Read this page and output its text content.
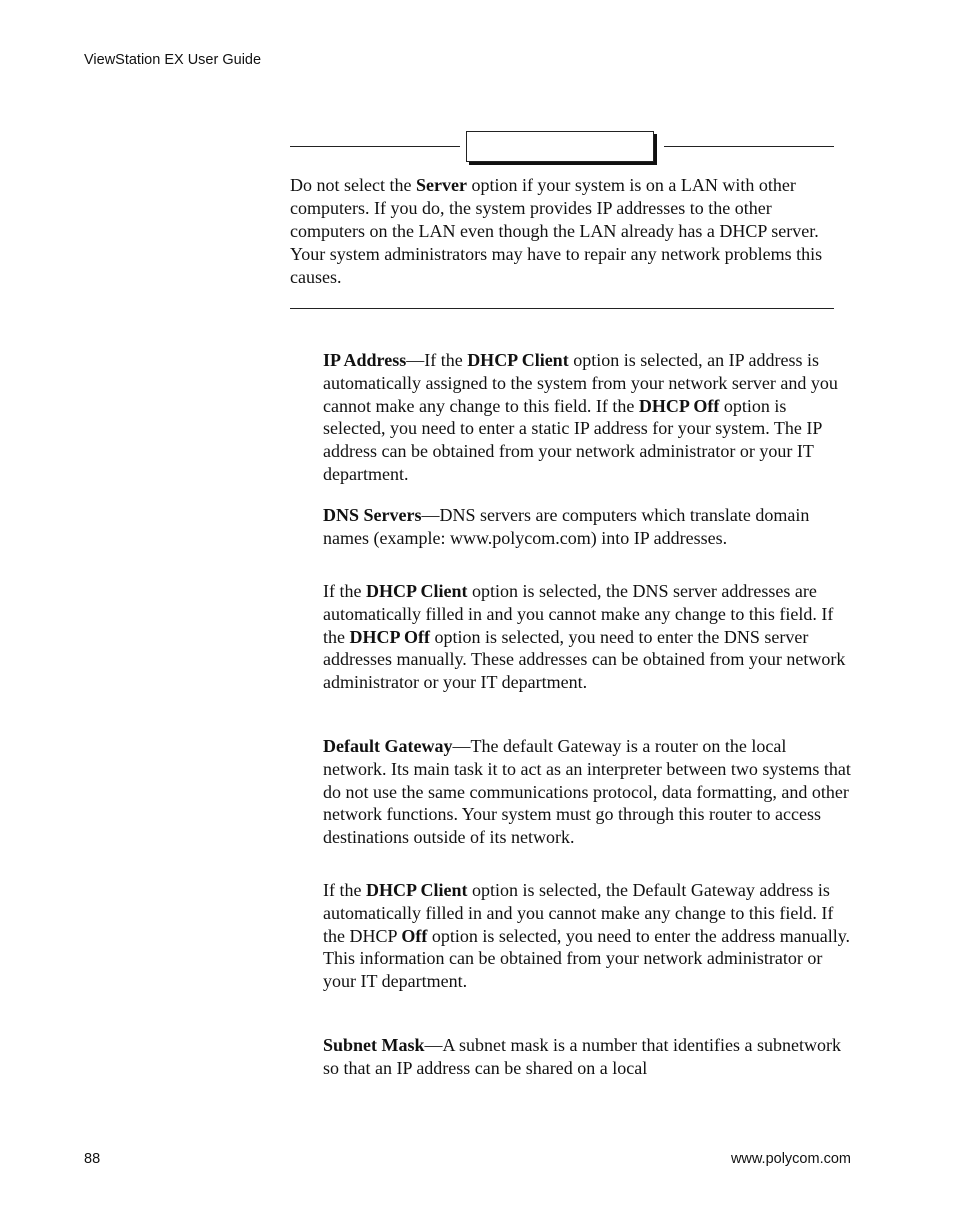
ViewStation EX User Guide
Do not select the Server option if your system is on a LAN with other computers. If you do, the system provides IP addresses to the other computers on the LAN even though the LAN already has a DHCP server. Your system administrators may have to repair any network problems this causes.

IP Address—If the DHCP Client option is selected, an IP address is automatically assigned to the system from your network server and you cannot make any change to this field. If the DHCP Off option is selected, you need to enter a static IP address for your system. The IP address can be obtained from your network administrator or your IT department.

DNS Servers—DNS servers are computers which translate domain names (example: www.polycom.com) into IP addresses.

If the DHCP Client option is selected, the DNS server addresses are automatically filled in and you cannot make any change to this field. If the DHCP Off option is selected, you need to enter the DNS server addresses manually. These addresses can be obtained from your network administrator or your IT department.

Default Gateway—The default Gateway is a router on the local network. Its main task it to act as an interpreter between two systems that do not use the same communications protocol, data formatting, and other network functions. Your system must go through this router to access destinations outside of its network.

If the DHCP Client option is selected, the Default Gateway address is automatically filled in and you cannot make any change to this field. If the DHCP Off option is selected, you need to enter the address manually. This information can be obtained from your network administrator or your IT department.

Subnet Mask—A subnet mask is a number that identifies a subnetwork so that an IP address can be shared on a local

88	www.polycom.com
